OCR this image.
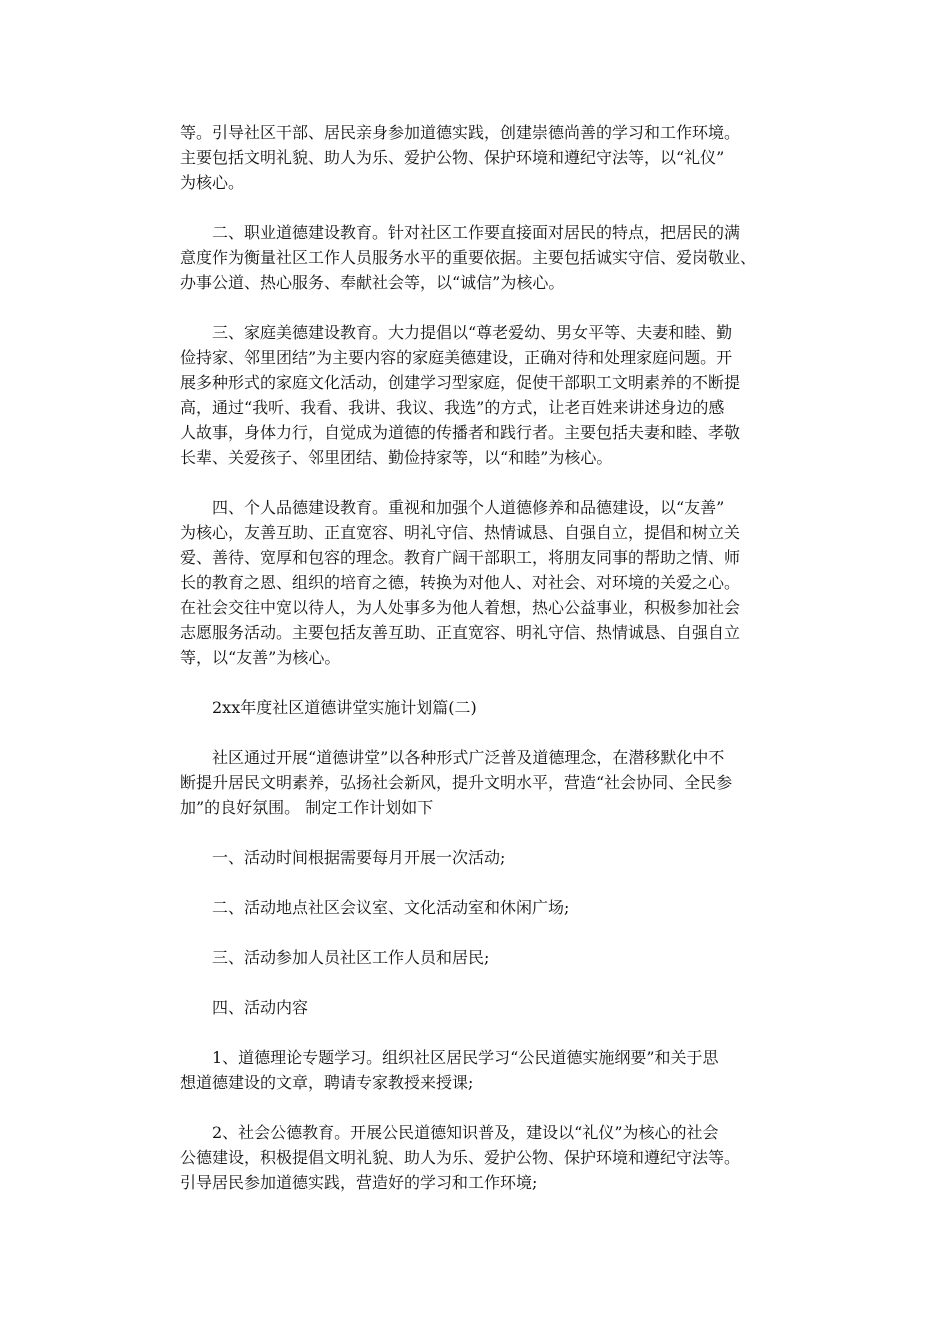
等。引导社区干部、居民亲身参加道德实践，创建崇德尚善的学习和工作环境。
主要包括文明礼貌、助人为乐、爱护公物、保护环境和遵纪守法等，以“礼仪”
为核心。
二、职业道德建设教育。针对社区工作要直接面对居民的特点，把居民的满
意度作为衡量社区工作人员服务水平的重要依据。主要包括诚实守信、爱岗敬业、
办事公道、热心服务、奉献社会等，以“诚信”为核心。
三、家庭美德建设教育。大力提倡以“尊老爱幼、男女平等、夫妻和睦、勤
俭持家、邻里团结”为主要内容的家庭美德建设，正确对待和处理家庭问题。开
展多种形式的家庭文化活动，创建学习型家庭，促使干部职工文明素养的不断提
高，通过“我听、我看、我讲、我议、我选”的方式，让老百姓来讲述身边的感
人故事，身体力行，自觉成为道德的传播者和践行者。主要包括夫妻和睦、孝敬
长辈、关爱孩子、邻里团结、勤俭持家等，以“和睦”为核心。
四、个人品德建设教育。重视和加强个人道德修养和品德建设，以“友善”
为核心，友善互助、正直宽容、明礼守信、热情诚恳、自强自立，提倡和树立关
爱、善待、宽厚和包容的理念。教育广阔干部职工，将朋友同事的帮助之情、师
长的教育之恩、组织的培育之德，转换为对他人、对社会、对环境的关爱之心。
在社会交往中宽以待人，为人处事多为他人着想，热心公益事业，积极参加社会
志愿服务活动。主要包括友善互助、正直宽容、明礼守信、热情诚恳、自强自立
等，以“友善”为核心。
2xx年度社区道德讲堂实施计划篇(二)
社区通过开展“道德讲堂”以各种形式广泛普及道德理念，在潜移默化中不
断提升居民文明素养，弘扬社会新风，提升文明水平，营造“社会协同、全民参
加”的良好氛围。 制定工作计划如下
一、活动时间根据需要每月开展一次活动;
二、活动地点社区会议室、文化活动室和休闲广场;
三、活动参加人员社区工作人员和居民;
四、活动内容
1、道德理论专题学习。组织社区居民学习“公民道德实施纲要”和关于思
想道德建设的文章，聘请专家教授来授课;
2、社会公德教育。开展公民道德知识普及，建设以“礼仪”为核心的社会
公德建设，积极提倡文明礼貌、助人为乐、爱护公物、保护环境和遵纪守法等。
引导居民参加道德实践，营造好的学习和工作环境;
